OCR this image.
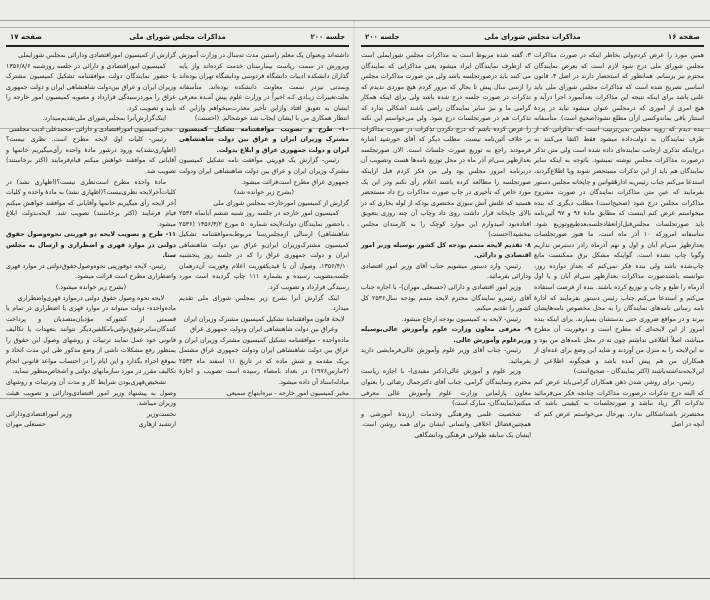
جلسه ۲۰۰
مذاکرات مجلس شورای ملی
صفحه ۱۷

داشته‌اند وبعنوان یک معلم راستین مدت ته‌سال در وزارت آموزش وپرورش در سمت ریاست بیمارستان خدمت کرده‌اند واز پایه گذاران دانشکده ادبیات دانشگاه فردوسی ودانشگاه تهران بوده‌اند وبمدتی نیزدر سمت معاونت دانشکده بوده‌اند. متأسفانه بعلت‌تغییرات زیـادی کـه اخیراً در وزارت علوم پیش آمـده معرفی ایشان به تعویق افتاد وازاین تأخیر معذرت‌میخواهم وازاین که انتظار همکاری من با ایشان ایجاب شد خوشحالم. (احسنت)

۱۰- طرح و تصویب موافقتنامه تشکیل کمیسیون مشترک وزیران ایران و عراق بین دولت شاهنشاهی ایران و دولت جمهوری عراق و ابلاغ بدولت.

رئیس- گزارش یک فوریتی موافقت نامه تشکیل کمیسیون مشترک وزیران ایران و عراق بین دولت شاهنشاهی ایران ودولت جمهوری عراق مطرح است‌قرائت میشود.

(بشرح زیر خوانده شد)

گزارش از کمیسیون امورخارجه بمجلس شورای ملی

کمیسیون امور خارجه در جلسه روز شنبه ششم آبانماه ۲۵۳۶ ، باحضور نمایندگان دولت‌لایحه شماره ۵۰ مورخ ۱۳۵۶/۳/۲ (۲۵۳۶ شاهنشاهی) ارسالی ازمجلس‌سنا مربوط‌به‌موافقتنامه تشکیل کمیسیون مشترک‌وزیران ایران‌و عراق بین دولت شاهنشاهی ایران و دولت جمهوری عراق را که در جلسه روز پنجشنبه ۱۳۵۶/۴/۱۰، وصول آن با قیدیکفوریت اعلام وفوریت آن‌درهمان جلسه‌بتصویب رسیده و بشماره ۱۱۱ چاپ گردیده است مورد رسیدگی قرارداد و تصویب کرد.

اینک گزارش آنرا بشرح زیر بمجلس شورای ملی تقدیم میدارد.

لایحهٔ قانون موافقتنامهٔ تشکیل کمیسیون مشترک وزیران ایران وعراق بین دولت شاهنشاهی ایران ودولت جمهوری عراق

ماده‌واحده - موافقتنامه تشکیل کمیسیون مشترک وزیران ایران و عراق بین دولت شاهنشاهی ایران ودولت جمهوری عراق مشتمل بریک مقدمه و شش ماده که در تاریخ ۱۱ اسفند ماه ۲۵۳۴ (۲مارس۱۹۷۶) در بغداد بامضاء رسیده است تصویب و اجازهٔ مبادله‌اسناد آن داده میشود.

مخبر کمیسیون امور خارجه - نیره‌ابتهاج سمیعی

گزارش از کمیسیون اموراقتصادی ودارائی بمجلس شورایملی

کمیسیون اموراقتصادی و دارائی در جلسه روزشنبه ۱۳۵۶/۸/۶ با حضور نمایندگان دولت موافقتنامه تشکیل کمیسیون مشترک وزیران ایران و عراق بین‌دولت شاهنشاهی ایران و دولت جمهوری عراق را موردرسیدگی قرارداد و مصوبه کمیسیون امور خارجه را تأیید و تصویب کرد.

اینک‌گزارش‌آنرا بمجلس‌شورای ملی‌تقدیم‌میدارد.

مخبر کمیسیون اموراقتصادی و دارائی -محمدعلی ادیب مجلسی

رئیس- کلیات اول لایحه مطرح است. نظری نیست؟ (اظهاری‌نشد)به ورود درشور مادهٔ واحده رأی‌میگیریم خانمها و آقایانی که موافقند خواهش میکنم قیام‌فرمایند (اکثر برخاستند) تصویب شد.

مادهٔ واحده مطرح است‌نظری نیست؟(اظهاری نشد) در کلیات‌آخرلایحه نظری‌نیست؟(اظهاری نشد) به مادهٔ واحده و کلیات آخر لایحه رأی میگیریم خانمها وآقایانی که موافقند خواهش میکنم قیام فرمایند (اکثر برخاستند) تصویب شد. لایحه‌بدولت ابلاغ میشود.

۱۱- طرح و تصویب لایحه دو فوریتی نحوه‌وصول حقوق دولتی در موارد قهری و اضطراری و ارسال به مجلس سنا.

رئیس- لایحه دوفوریتی نحوه‌وصول‌حقوق‌دولتی در موارد قهری واضطراری مطرح است قرائت میشود.

(بشرح زیر خوانده میشود.)

لایحه نحوه وصول حقوق دولتی درموارد قهری‌واضطراری

ماده‌واحده- دولت میتواند در موارد قهری یا اضطراری در تمام یا قسمتی از کشورکه مؤدیان‌متصدیان و پرداخت کنندگان‌سایرحقوق‌دولتی‌بامکلفین‌دیگر نتوانند بتعهدات یا تکالیف قانونی خود عمل نمایند ترتیبات و روشهای وصول این حقوق را بمنظور رفع مشکلات ناشی از وضع مذکور طی این مدت اتخاذ و بموقع اجراء بگذارد و این ایام را در احتساب مواعد قانونی انجام تکالیف مقرر در مورد سازمانهای دولتی و اشخاص‌منظور ننماید.

تشخیص‌قهری‌بودن شرایط کار و مدت آن وترتیبات و روشهای وصول به پیشنهاد وزیر امور اقتصادی‌ودارائی و تصویب هیئت وزیران میباشد.

نخست‌وزیر
وزیر اموراقتصادی‌ودارائی
ارتشبد ازهاری
حسنعلی مهران
صفحه ۱۶
مذاکرات مجلس شورای ملی
جلسه ۲۰۰

همین مورد را عرض کردم‌ولی بخاطر اینکه در صورت مذاکرات مجلس شورای ملی درج شود لازم است که بعرض نمایندگان محترم نیز برسانم. همانطور که استحضار دارند در اصل ۳، قانون اساسی تصریح شده است که مذاکرات مجلس شورای ملی باید علنی باشد برای اینکه نتیجه این مذاکرات بعدآبمورد اجرا درآید و هیچ امری از اموری که درمجلس عنوان میشود نباید در پردهٔ استتار باقی بماندوکسی ازآن مطلع نشود(صحیح است). متأسفانه بنده دیدم که رویه مجلس بدین‌ترتیب است که تذکراتی که از طرف نمایندگان به دولت‌داده میشود فقط اکتفا می‌کنند به درج‌اینکه تذکری ازجانب نماینده‌ای داده شده است ولی متن تذکر درصورت مذاکرات مجلس نوشته نمیشود. باتوجه به اینکه سایر نمایندگان هم باید از این تذکرات مستحضر شوند ویا اطلاع‌گردند، استدعا می‌کنم جناب رئیس‌به ادارهٔقوانین و چاپخانه مجلس دستور بفرمایند که عین متن مذاکرات نمایندگان در صورت مشروح مذاکرات مجلس درج شود (صحیح‌است) مطلب دیگری که بنده میخواستم عرض کنم اینست که مطابق مادهٔ ۹۶ و ۹۷ آئین‌نامه باید صورتجلسات مجلس‌قبل‌ازانعقادجلسه‌بعدطبع‌وتوزیع شود. متأسفانه امروزکه ۱۰ آذر ماه است، ما هنوز صورتجلسات بعدازظهر سی‌ام آبان و اول و نهم آذرماه رادر دسترس نداریم وگویا چاپ نشده است. گواینکه مشکل برق ممکنست مانع چاپ‌شده باشد ولی بنده فکر نمی‌کنم که بعداز دوازده روز، نتوانسته باشندصورت مذاکرات بعدازظهر سی‌ام آبان و یا اول آذرماه را طبع و چاپ و توزیع کرده باشند. بنده از فرصت استفاده می‌کنم و استدعا می‌کنم جناب رئیس دستور بفرمایند که ادارهٔ نامه رسانی نامه‌های نمایندگان را به محل مخصوص نامه‌هایشان ببرند و در مواقع ضروری حتی بدستشان بسپارند. برای اینکه بنده امروز از این لایحه‌ای که مطرح است و دوفوریت آن مطرح میباشد، اصلاً اطلاعی نداشتم چون نه در محل نامه‌های من بود و نه این‌لایحه را به منزل من آوردند و شاید این وضع برای عده‌ای از همکاران من هم پیش آمده باشد و هیچگونه اطلاعی از این‌لایحه‌نداشته‌باشند (اکثر نمایندگان - صحیح‌است)

رئیس- برای روشن شدن ذهن همکاران گرامی‌باید عرض کنم که البته درج تذکرات درصورت مذاکرات چنانچه فکر می‌فرمائید تذکرات اگر زیاد نباشد و صورتجلسات به کیفیتی باشد که مختصرتر باشداشکالی ندارد. بهرحال می‌خواستم عرض کنم که آنچه در اصل

۳، گفته شده مربوط است به مذاکرات مجلس شورایملی است که ازطرف نمایندگان ایراد میشود یعنی مذاکراتی که نمایندگان می کنند باید درصورتجلسه باشد ولی من صورت مذاکرات مجلس را ازسی سال پیش تا بحال که مرور کردم هیچ موردی ندیدم که تذکرات در صورت جلسه درج شده باشد ولی برای اینکه همکار گرامی ما و نیز سایر نمایندگان راضی باشند اشکالی ندارد که تذکرات هم در صورتجلسات درج شود. ولی می‌خواستم این نکته را عرض کرده باشم که درج نکردن تذکرات در صورت مذاکرات بر خلاف آئین‌نامه نیست. مطلب دیگر که آقای خورشید اشاره فرمودند راجع به توزیع صورت جلسات است. الان صورتجلسه بعدازظهر سی‌ام آذر ماه در محل توزیع نامه‌ها هست وتصویب آن دربرنامه امروز مجلس بود ولی من فکر کردم قبل ازاینکه صورتجلسه را مطالعه کرده باشند اعلام رأی نکنم ودر این یک مورد خاص که تأخیری در چاپ صورت مذاکرات رخ داد مستحضر هستید که علتش آتش سوزی مختصری بودکه از لوله بخاری که در بالای چاپخانه قرار داشت روی داد وچاپ آن چند روزی بتعویق افتاده‌بود امیدوارم این موارد کوچک را به کارمندان مجلس ببخشید(احسنت)

۸- تقدیم لایحه متمم بودجه کل کشور بوسیله وزیر امور اقتصادی و دارائی.

رئیس- وارد دستور میشویم جناب آقای وزیر امور اقتصادی ودارائی بفرمائید.

وزیر امور اقتصادی و دارائی (حسنعلی مهران)- با اجازه جناب آقای رئیس‌و نمایندگان محترم لایحه متمم بودجه سال۲۵۳۶ کل کشور را تقدیم میکنم.

رئیس- لایحه به کمیسیون بودجه ارجاع میشود.

۹- معرفی معاون وزارت علوم وآموزش عالی‌بوسیله وزیرعلوم وآموزش عالی.

رئیس- جناب آقای وزیر علوم وآموزش عالی‌فرمایشی دارید بفرمائید.

وزیر علوم و آموزش عالی(دکتر مفیدی)- با اجازه ریاست محترم ونمایندگان گرامی، جناب آقای دکترجمال رضائی را بعنوان معاون پارلمانی وزارت علوم وآموزش عالی معرفی میکنم(نمایندگان- مبارک است)

شخصیت علمی وفرهنگی وخدمات ارزندهٔ آموزشی و همچنین‌فضائل اخلاقی وانسانی ایشان برای همه روشن است. ایشان یک سابقه طولانی فرهنگی ودانشگاهی
